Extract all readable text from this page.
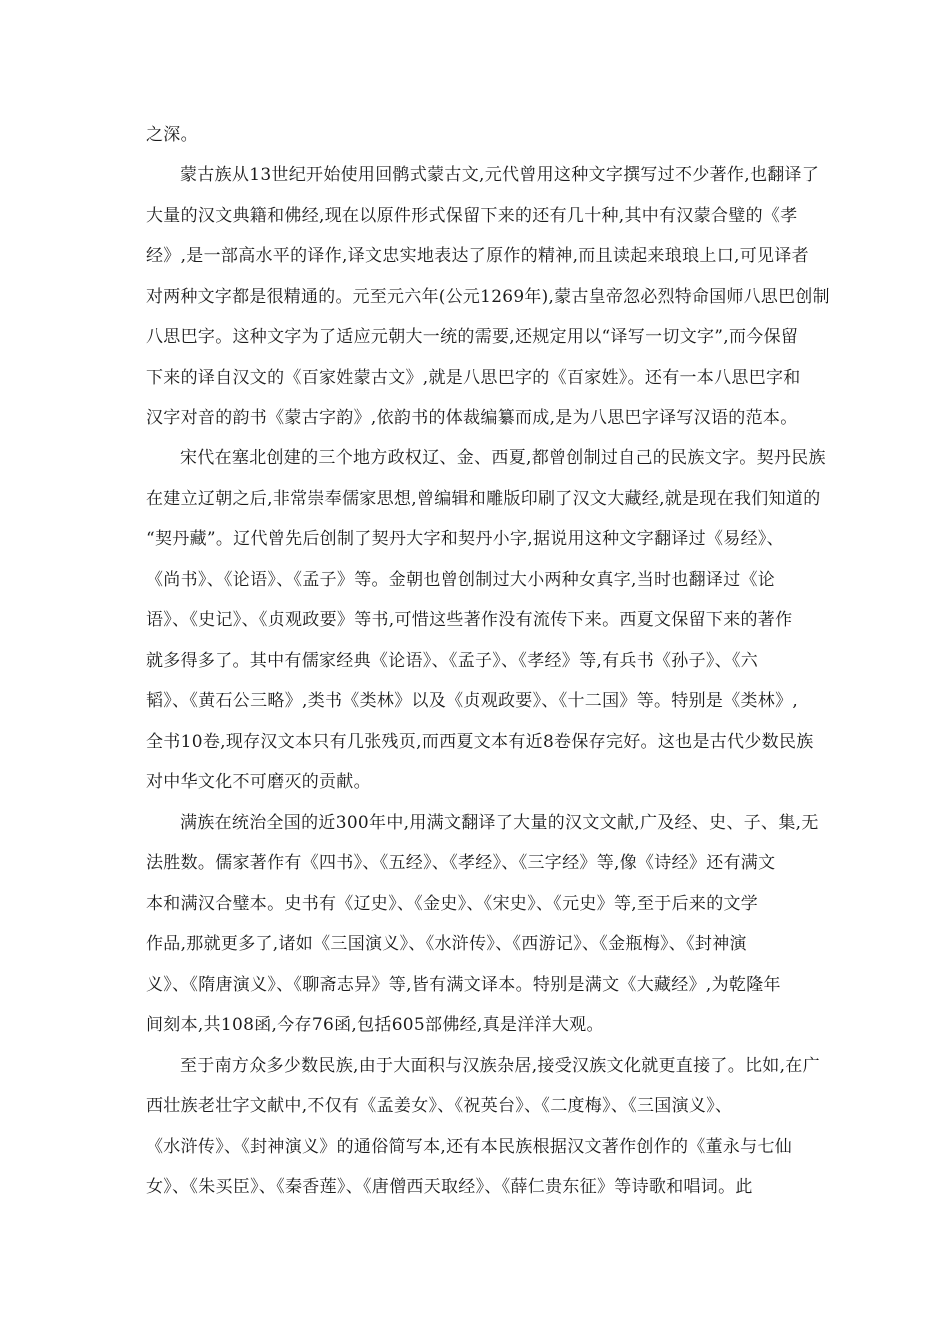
之深。
蒙古族从13世纪开始使用回鹘式蒙古文,元代曾用这种文字撰写过不少著作,也翻译了
大量的汉文典籍和佛经,现在以原件形式保留下来的还有几十种,其中有汉蒙合璧的《孝
经》,是一部高水平的译作,译文忠实地表达了原作的精神,而且读起来琅琅上口,可见译者
对两种文字都是很精通的。元至元六年(公元1269年),蒙古皇帝忽必烈特命国师八思巴创制
八思巴字。这种文字为了适应元朝大一统的需要,还规定用以“译写一切文字”,而今保留
下来的译自汉文的《百家姓蒙古文》,就是八思巴字的《百家姓》。还有一本八思巴字和
汉字对音的韵书《蒙古字韵》,依韵书的体裁编纂而成,是为八思巴字译写汉语的范本。
宋代在塞北创建的三个地方政权辽、金、西夏,都曾创制过自己的民族文字。契丹民族
在建立辽朝之后,非常崇奉儒家思想,曾编辑和雕版印刷了汉文大藏经,就是现在我们知道的
“契丹藏”。辽代曾先后创制了契丹大字和契丹小字,据说用这种文字翻译过《易经》、
《尚书》、《论语》、《孟子》等。金朝也曾创制过大小两种女真字,当时也翻译过《论
语》、《史记》、《贞观政要》等书,可惜这些著作没有流传下来。西夏文保留下来的著作
就多得多了。其中有儒家经典《论语》、《孟子》、《孝经》等,有兵书《孙子》、《六
韬》、《黄石公三略》,类书《类林》以及《贞观政要》、《十二国》等。特别是《类林》,
全书10卷,现存汉文本只有几张残页,而西夏文本有近8卷保存完好。这也是古代少数民族
对中华文化不可磨灭的贡献。
满族在统治全国的近300年中,用满文翻译了大量的汉文文献,广及经、史、子、集,无
法胜数。儒家著作有《四书》、《五经》、《孝经》、《三字经》等,像《诗经》还有满文
本和满汉合璧本。史书有《辽史》、《金史》、《宋史》、《元史》等,至于后来的文学
作品,那就更多了,诸如《三国演义》、《水浒传》、《西游记》、《金瓶梅》、《封神演
义》、《隋唐演义》、《聊斋志异》等,皆有满文译本。特别是满文《大藏经》,为乾隆年
间刻本,共108函,今存76函,包括605部佛经,真是洋洋大观。
至于南方众多少数民族,由于大面积与汉族杂居,接受汉族文化就更直接了。比如,在广
西壮族老壮字文献中,不仅有《孟姜女》、《祝英台》、《二度梅》、《三国演义》、
《水浒传》、《封神演义》的通俗简写本,还有本民族根据汉文著作创作的《董永与七仙
女》、《朱买臣》、《秦香莲》、《唐僧西天取经》、《薛仁贵东征》等诗歌和唱词。此
